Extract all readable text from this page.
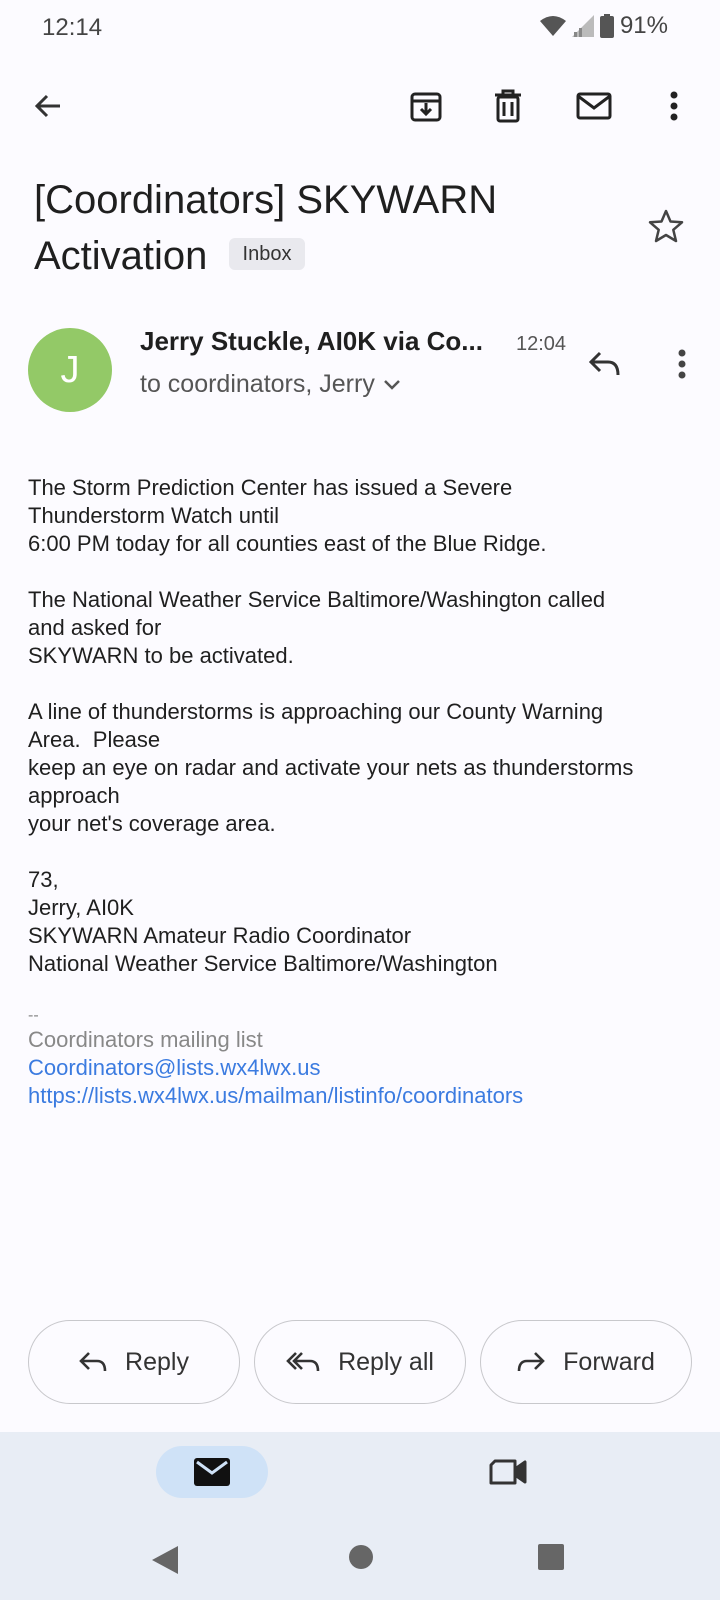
12:14	91%
[Coordinators] SKYWARN Activation Inbox
J
Jerry Stuckle, AI0K via Co...	12:04
to coordinators, Jerry
The Storm Prediction Center has issued a Severe
Thunderstorm Watch until
6:00 PM today for all counties east of the Blue Ridge.

The National Weather Service Baltimore/Washington called
and asked for
SKYWARN to be activated.

A line of thunderstorms is approaching our County Warning
Area.  Please
keep an eye on radar and activate your nets as thunderstorms
approach
your net's coverage area.

73,
Jerry, AI0K
SKYWARN Amateur Radio Coordinator
National Weather Service Baltimore/Washington
--
Coordinators mailing list
Coordinators@lists.wx4lwx.us
https://lists.wx4lwx.us/mailman/listinfo/coordinators
Reply	Reply all	Forward
